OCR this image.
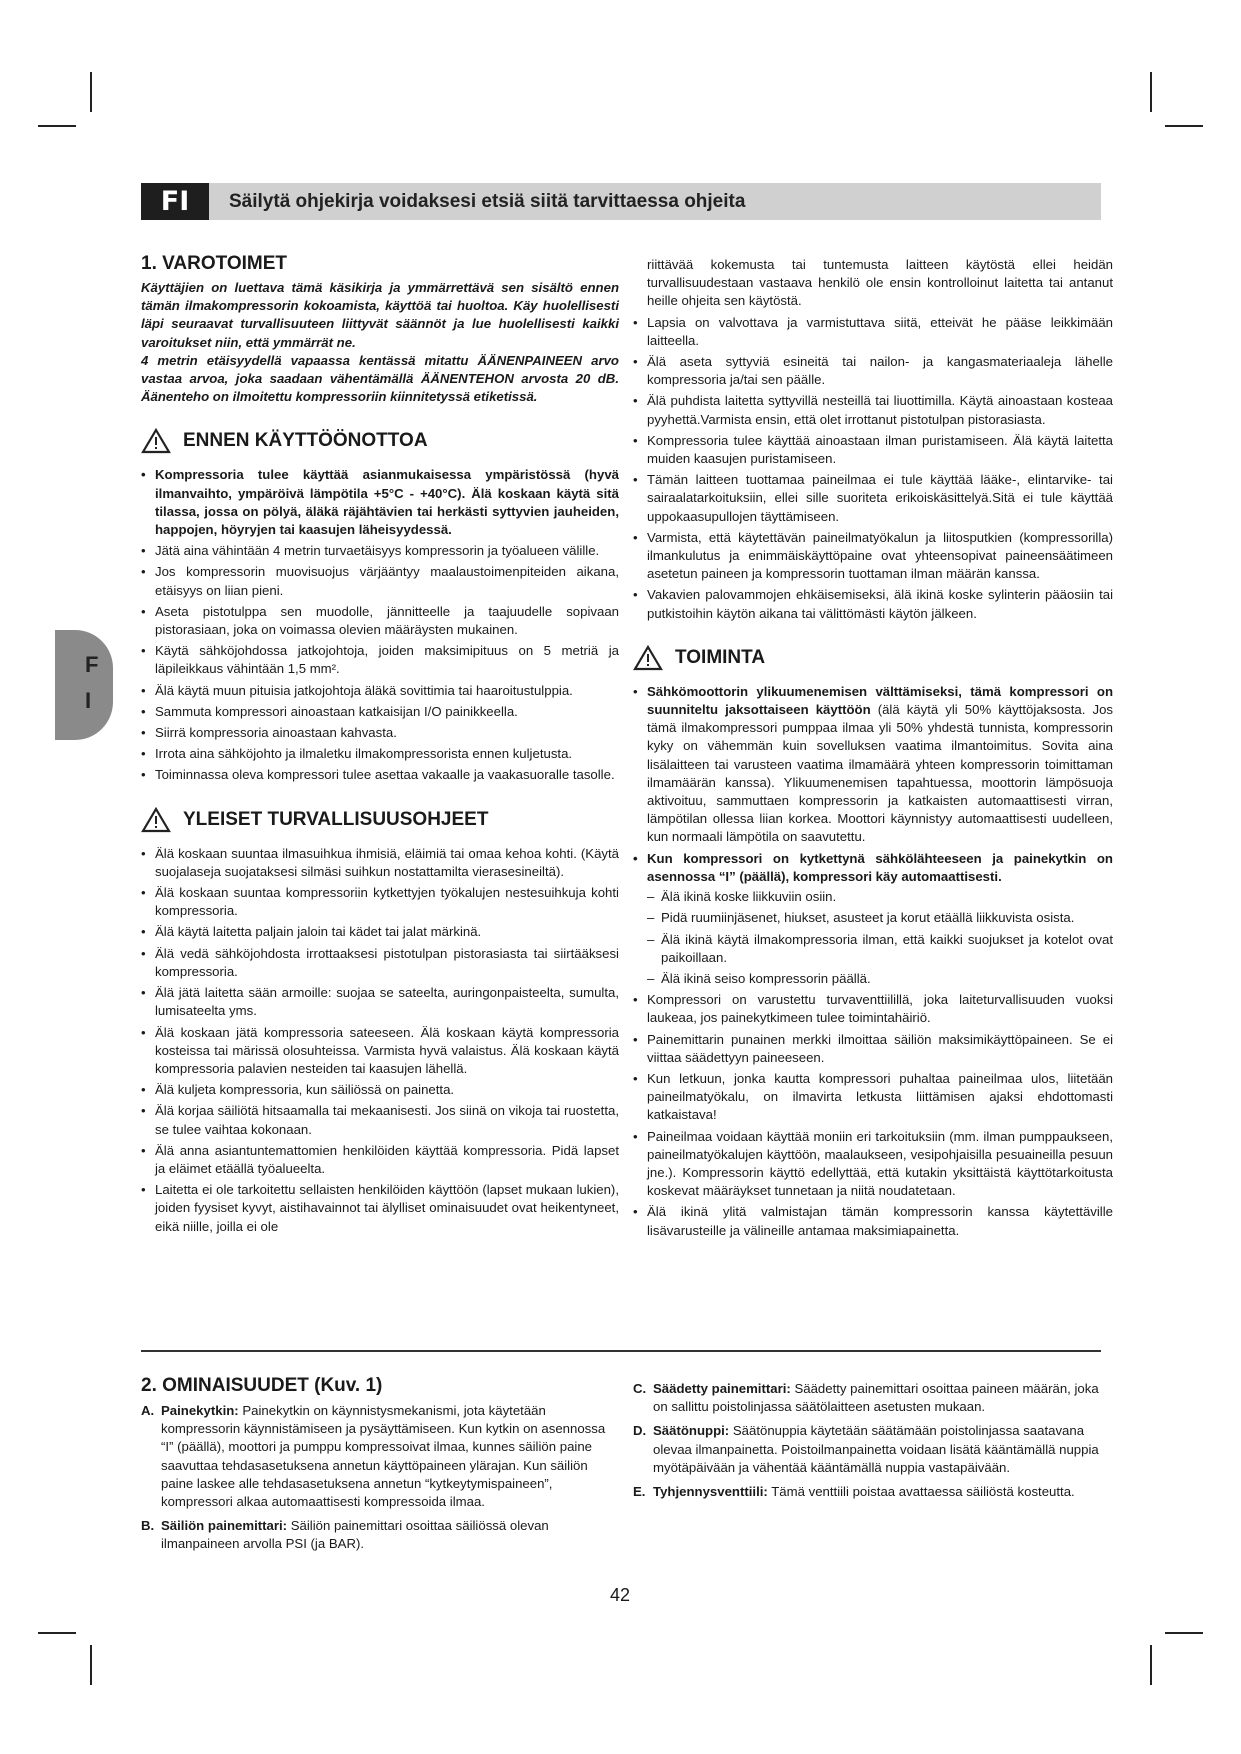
FI	Säilytä ohjekirja voidaksesi etsiä siitä tarvittaessa ohjeita
F
I
1. VAROTOIMET

Käyttäjien on luettava tämä käsikirja ja ymmärrettävä sen sisältö ennen tämän ilmakompressorin kokoamista, käyttöä tai huoltoa. Käy huolellisesti läpi seuraavat turvallisuuteen liittyvät säännöt ja lue huolellisesti kaikki varoitukset niin, että ymmärrät ne.

4 metrin etäisyydellä vapaassa kentässä mitattu ÄÄNENPAINEEN arvo vastaa arvoa, joka saadaan vähentämällä ÄÄNENTEHON arvosta 20 dB. Äänenteho on ilmoitettu kompressoriin kiinnitetyssä etiketissä.

ENNEN KÄYTTÖÖNOTTOA
• Kompressoria tulee käyttää asianmukaisessa ympäristössä (hyvä ilmanvaihto, ympäröivä lämpötila +5°C - +40°C). Älä koskaan käytä sitä tilassa, jossa on pölyä, äläkä räjähtävien tai herkästi syttyvien jauheiden, happojen, höyryjen tai kaasujen läheisyydessä.
• Jätä aina vähintään 4 metrin turvaetäisyys kompressorin ja työalueen välille.
• Jos kompressorin muovisuojus värjääntyy maalaustoimenpiteiden aikana, etäisyys on liian pieni.
• Aseta pistotulppa sen muodolle, jännitteelle ja taajuudelle sopivaan pistorasiaan, joka on voimassa olevien määräysten mukainen.
• Käytä sähköjohdossa jatkojohtoja, joiden maksimipituus on 5 metriä ja läpileikkaus vähintään 1,5 mm².
• Älä käytä muun pituisia jatkojohtoja äläkä sovittimia tai haaroitustulppia.
• Sammuta kompressori ainoastaan katkaisijan I/O painikkeella.
• Siirrä kompressoria ainoastaan kahvasta.
• Irrota aina sähköjohto ja ilmaletku ilmakompressorista ennen kuljetusta.
• Toiminnassa oleva kompressori tulee asettaa vakaalle ja vaakasuoralle tasolle.
YLEISET TURVALLISUUSOHJEET
• Älä koskaan suuntaa ilmasuihkua ihmisiä, eläimiä tai omaa kehoa kohti. (Käytä suojalaseja suojataksesi silmäsi suihkun nostattamilta vierasesineiltä).
• Älä koskaan suuntaa kompressoriin kytkettyjen työkalujen nestesuihkuja kohti kompressoria.
• Älä käytä laitetta paljain jaloin tai kädet tai jalat märkinä.
• Älä vedä sähköjohdosta irrottaaksesi pistotulpan pistorasiasta tai siirtääksesi kompressoria.
• Älä jätä laitetta sään armoille: suojaa se sateelta, auringonpaisteelta, sumulta, lumisateelta yms.
• Älä koskaan jätä kompressoria sateeseen. Älä koskaan käytä kompressoria kosteissa tai märissä olosuhteissa. Varmista hyvä valaistus. Älä koskaan käytä kompressoria palavien nesteiden tai kaasujen lähellä.
• Älä kuljeta kompressoria, kun säiliössä on painetta.
• Älä korjaa säiliötä hitsaamalla tai mekaanisesti. Jos siinä on vikoja tai ruostetta, se tulee vaihtaa kokonaan.
• Älä anna asiantuntemattomien henkilöiden käyttää kompressoria. Pidä lapset ja eläimet etäällä työalueelta.
• Laitetta ei ole tarkoitettu sellaisten henkilöiden käyttöön (lapset mukaan lukien), joiden fyysiset kyvyt, aistihavainnot tai älylliset ominaisuudet ovat heikentyneet, eikä niille, joilla ei ole

riittävää kokemusta tai tuntemusta laitteen käytöstä ellei heidän turvallisuudestaan vastaava henkilö ole ensin kontrolloinut laitetta tai antanut heille ohjeita sen käytöstä.

• Lapsia on valvottava ja varmistuttava siitä, etteivät he pääse leikkimään laitteella.
• Älä aseta syttyviä esineitä tai nailon- ja kangasmateriaaleja lähelle kompressoria ja/tai sen päälle.
• Älä puhdista laitetta syttyvillä nesteillä tai liuottimilla. Käytä ainoastaan kosteaa pyyhettä.Varmista ensin, että olet irrottanut pistotulpan pistorasiasta.
• Kompressoria tulee käyttää ainoastaan ilman puristamiseen. Älä käytä laitetta muiden kaasujen puristamiseen.
• Tämän laitteen tuottamaa paineilmaa ei tule käyttää lääke-, elintarvike- tai sairaalatarkoituksiin, ellei sille suoriteta erikoiskäsittelyä.Sitä ei tule käyttää uppokaasupullojen täyttämiseen.
• Varmista, että käytettävän paineilmatyökalun ja liitosputkien (kompressorilla) ilmankulutus ja enimmäiskäyttöpaine ovat yhteensopivat paineensäätimeen asetetun paineen ja kompressorin tuottaman ilman määrän kanssa.
• Vakavien palovammojen ehkäisemiseksi, älä ikinä koske sylinterin pääosiin tai putkistoihin käytön aikana tai välittömästi käytön jälkeen.
TOIMINTA
• Sähkömoottorin ylikuumenemisen välttämiseksi, tämä kompressori on suunniteltu jaksottaiseen käyttöön (älä käytä yli 50% käyttöjaksosta. Jos tämä ilmakompressori pumppaa ilmaa yli 50% yhdestä tunnista, kompressorin kyky on vähemmän kuin sovelluksen vaatima ilmantoimitus. Sovita aina lisälaitteen tai varusteen vaatima ilmamäärä yhteen kompressorin toimittaman ilmamäärän kanssa). Ylikuumenemisen tapahtuessa, moottorin lämpösuoja aktivoituu, sammuttaen kompressorin ja katkaisten automaattisesti virran, lämpötilan ollessa liian korkea. Moottori käynnistyy automaattisesti uudelleen, kun normaali lämpötila on saavutettu.
• Kun kompressori on kytkettynä sähkölähteeseen ja painekytkin on asennossa “I” (päällä), kompressori käy automaattisesti.
– Älä ikinä koske liikkuviin osiin.
– Pidä ruumiinjäsenet, hiukset, asusteet ja korut etäällä liikkuvista osista.
– Älä ikinä käytä ilmakompressoria ilman, että kaikki suojukset ja kotelot ovat paikoillaan.
– Älä ikinä seiso kompressorin päällä.
• Kompressori on varustettu turvaventtiilillä, joka laiteturvallisuuden vuoksi laukeaa, jos painekytkimeen tulee toimintahäiriö.
• Painemittarin punainen merkki ilmoittaa säiliön maksimikäyttöpaineen. Se ei viittaa säädettyyn paineeseen.
• Kun letkuun, jonka kautta kompressori puhaltaa paineilmaa ulos, liitetään paineilmatyökalu, on ilmavirta letkusta liittämisen ajaksi ehdottomasti katkaistava!
• Paineilmaa voidaan käyttää moniin eri tarkoituksiin (mm. ilman pumppaukseen, paineilmatyökalujen käyttöön, maalaukseen, vesipohjaisilla pesuaineilla pesuun jne.). Kompressorin käyttö edellyttää, että kutakin yksittäistä käyttötarkoitusta koskevat määräykset tunnetaan ja niitä noudatetaan.
• Älä ikinä ylitä valmistajan tämän kompressorin kanssa käytettäville lisävarusteille ja välineille antamaa maksimiapainetta.
2. OMINAISUUDET (Kuv. 1)
A. Painekytkin: Painekytkin on käynnistysmekanismi, jota käytetään kompressorin käynnistämiseen ja pysäyttämiseen. Kun kytkin on asennossa “I” (päällä), moottori ja pumppu kompressoivat ilmaa, kunnes säiliön paine saavuttaa tehdasasetuksena annetun käyttöpaineen ylärajan. Kun säiliön paine laskee alle tehdasasetuksena annetun “kytkeytymispaineen”, kompressori alkaa automaattisesti kompressoida ilmaa.
B. Säiliön painemittari: Säiliön painemittari osoittaa säiliössä olevan ilmanpaineen arvolla PSI (ja BAR).
C. Säädetty painemittari: Säädetty painemittari osoittaa paineen määrän, joka on sallittu poistolinjassa säätölaitteen asetusten mukaan.
D. Säätönuppi: Säätönuppia käytetään säätämään poistolinjassa saatavana olevaa ilmanpainetta. Poistoilmanpainetta voidaan lisätä kääntämällä nuppia myötäpäivään ja vähentää kääntämällä nuppia vastapäivään.
E. Tyhjennysventtiili: Tämä venttiili poistaa avattaessa säiliöstä kosteutta.
42
